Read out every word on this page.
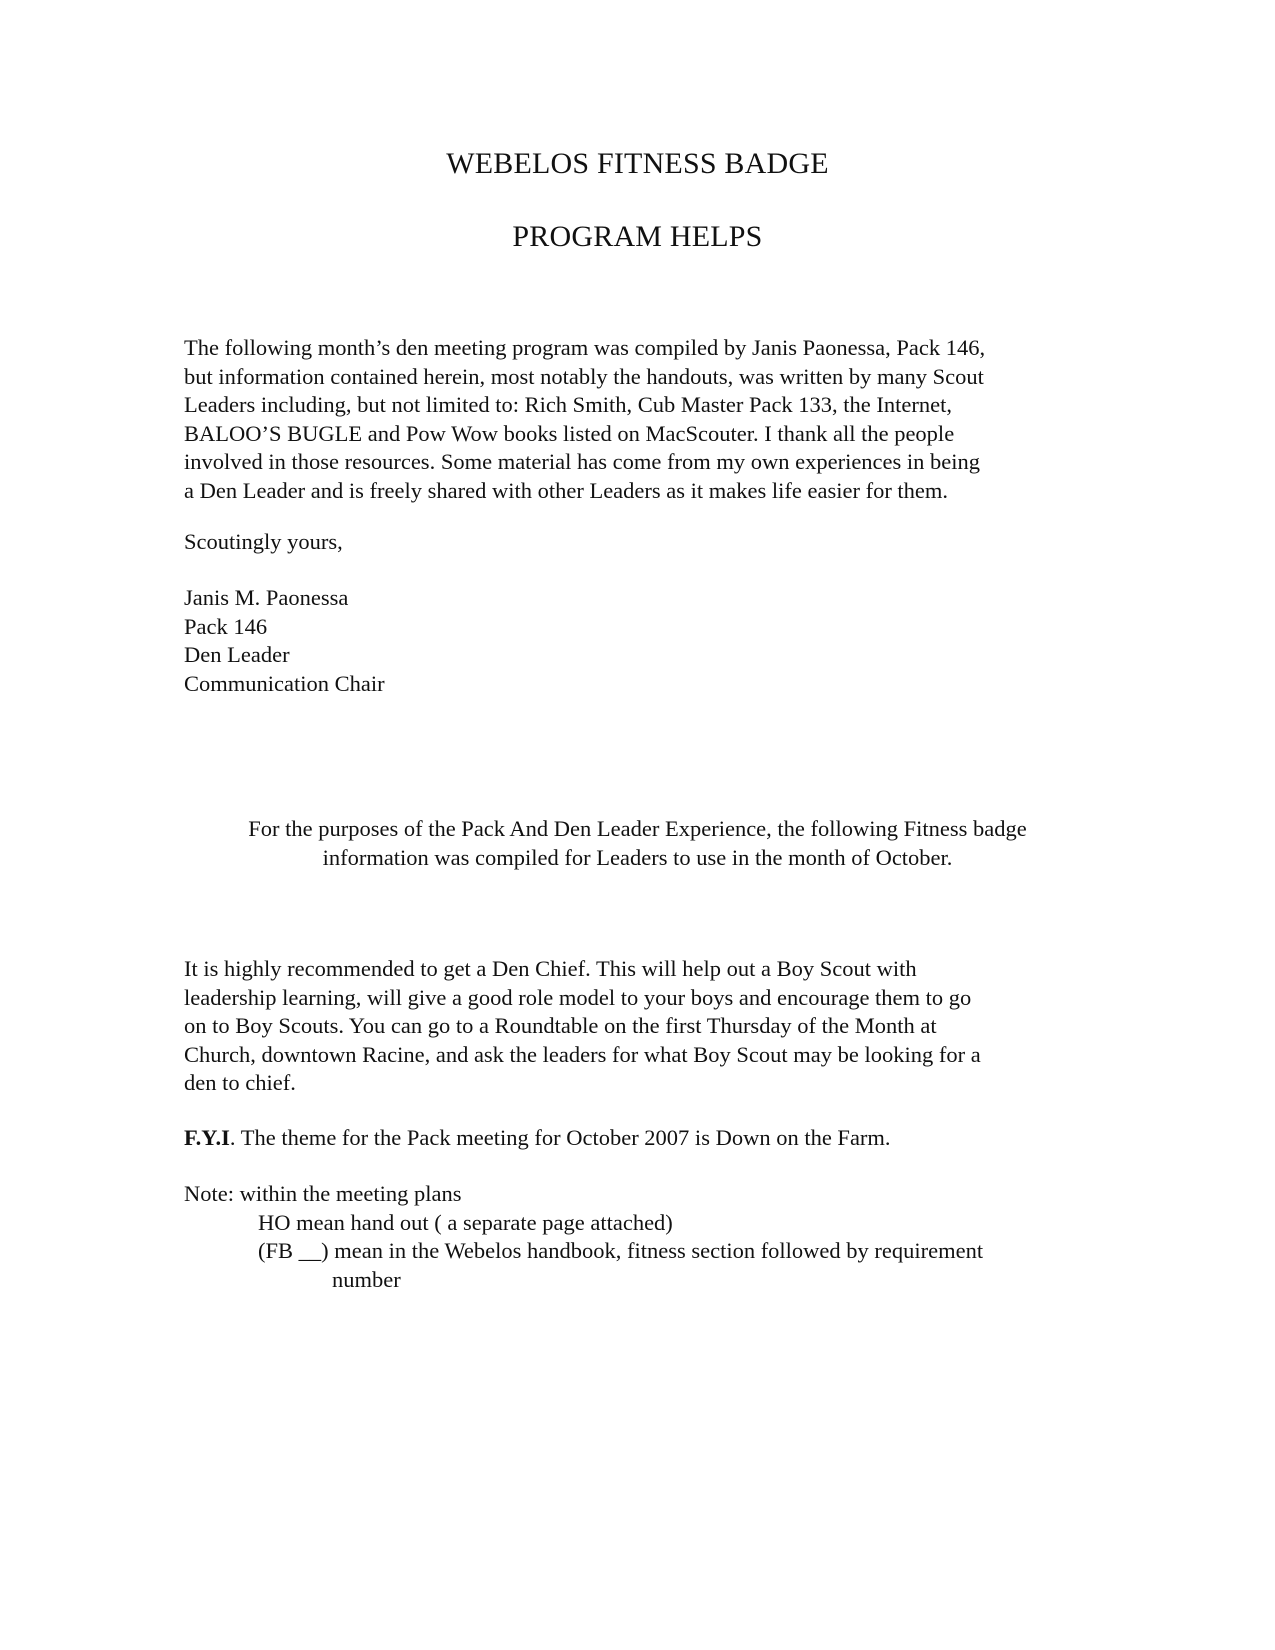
WEBELOS FITNESS BADGE
PROGRAM HELPS
The following month’s den meeting program was compiled by Janis Paonessa, Pack 146,
but information contained herein, most notably the handouts, was written by many Scout
Leaders including, but not limited to: Rich Smith, Cub Master Pack 133, the Internet,
BALOO’S BUGLE and Pow Wow books listed on MacScouter. I thank all the people
involved in those resources. Some material has come from my own experiences in being
a Den Leader and is freely shared with other Leaders as it makes life easier for them.
Scoutingly yours,
Janis M. Paonessa
Pack 146
Den Leader
Communication Chair
For the purposes of the Pack And Den Leader Experience, the following Fitness badge
information was compiled for Leaders to use in the month of October.
It is highly recommended to get a Den Chief. This will help out a Boy Scout with
leadership learning, will give a good role model to your boys and encourage them to go
on to Boy Scouts. You can go to a Roundtable on the first Thursday of the Month at
Church, downtown Racine, and ask the leaders for what Boy Scout may be looking for a
den to chief.
F.Y.I. The theme for the Pack meeting for October 2007 is Down on the Farm.
Note: within the meeting plans
HO mean hand out ( a separate page attached)
(FB __) mean in the Webelos handbook, fitness section followed by requirement
number
